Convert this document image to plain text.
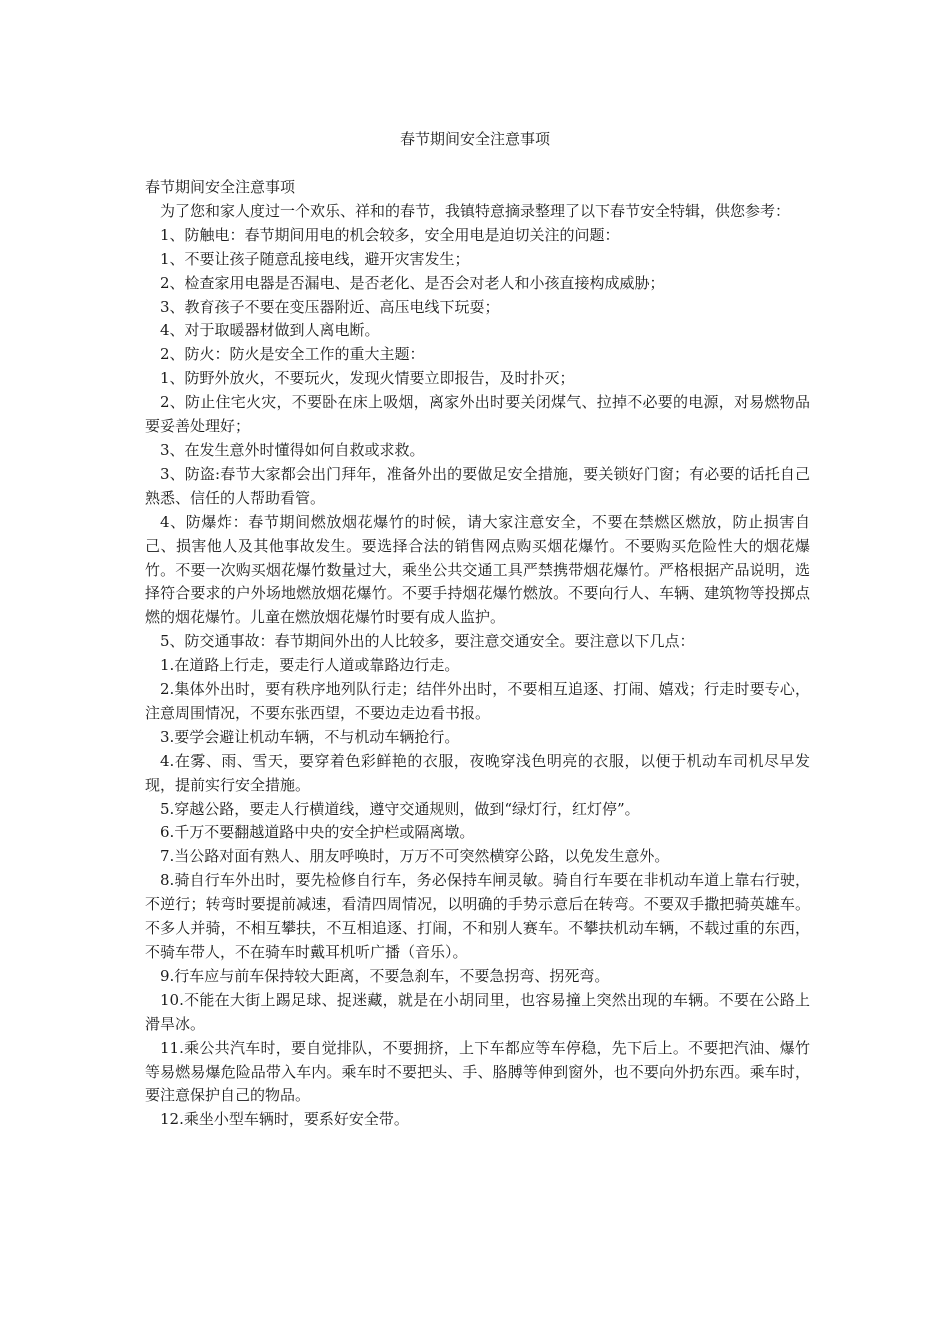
春节期间安全注意事项

春节期间安全注意事项

为了您和家人度过一个欢乐、祥和的春节，我镇特意摘录整理了以下春节安全特辑，供您参考：

1、防触电：春节期间用电的机会较多，安全用电是迫切关注的问题：

1、不要让孩子随意乱接电线，避开灾害发生；

2、检查家用电器是否漏电、是否老化、是否会对老人和小孩直接构成威胁；

3、教育孩子不要在变压器附近、高压电线下玩耍；

4、对于取暖器材做到人离电断。

2、防火：防火是安全工作的重大主题：

1、防野外放火，不要玩火，发现火情要立即报告，及时扑灭；

2、防止住宅火灾，不要卧在床上吸烟，离家外出时要关闭煤气、拉掉不必要的电源，对易燃物品要妥善处理好；

3、在发生意外时懂得如何自救或求救。

3、防盗:春节大家都会出门拜年，准备外出的要做足安全措施，要关锁好门窗；有必要的话托自己熟悉、信任的人帮助看管。

4、防爆炸：春节期间燃放烟花爆竹的时候，请大家注意安全，不要在禁燃区燃放，防止损害自己、损害他人及其他事故发生。要选择合法的销售网点购买烟花爆竹。不要购买危险性大的烟花爆竹。不要一次购买烟花爆竹数量过大，乘坐公共交通工具严禁携带烟花爆竹。严格根据产品说明，选择符合要求的户外场地燃放烟花爆竹。不要手持烟花爆竹燃放。不要向行人、车辆、建筑物等投掷点燃的烟花爆竹。儿童在燃放烟花爆竹时要有成人监护。

5、防交通事故：春节期间外出的人比较多，要注意交通安全。要注意以下几点：

1.在道路上行走，要走行人道或靠路边行走。

2.集体外出时，要有秩序地列队行走；结伴外出时，不要相互追逐、打闹、嬉戏；行走时要专心，注意周围情况，不要东张西望，不要边走边看书报。

3.要学会避让机动车辆，不与机动车辆抢行。

4.在雾、雨、雪天，要穿着色彩鲜艳的衣服，夜晚穿浅色明亮的衣服，以便于机动车司机尽早发现，提前实行安全措施。

5.穿越公路，要走人行横道线，遵守交通规则，做到“绿灯行，红灯停”。

6.千万不要翻越道路中央的安全护栏或隔离墩。

7.当公路对面有熟人、朋友呼唤时，万万不可突然横穿公路，以免发生意外。

8.骑自行车外出时，要先检修自行车，务必保持车闸灵敏。骑自行车要在非机动车道上靠右行驶，不逆行；转弯时要提前减速，看清四周情况，以明确的手势示意后在转弯。不要双手撒把骑英雄车。不多人并骑，不相互攀扶，不互相追逐、打闹，不和别人赛车。不攀扶机动车辆，不载过重的东西，不骑车带人，不在骑车时戴耳机听广播（音乐）。

9.行车应与前车保持较大距离，不要急刹车，不要急拐弯、拐死弯。

10.不能在大街上踢足球、捉迷藏，就是在小胡同里，也容易撞上突然出现的车辆。不要在公路上滑旱冰。

11.乘公共汽车时，要自觉排队，不要拥挤，上下车都应等车停稳，先下后上。不要把汽油、爆竹等易燃易爆危险品带入车内。乘车时不要把头、手、胳膊等伸到窗外，也不要向外扔东西。乘车时，要注意保护自己的物品。

12.乘坐小型车辆时，要系好安全带。
